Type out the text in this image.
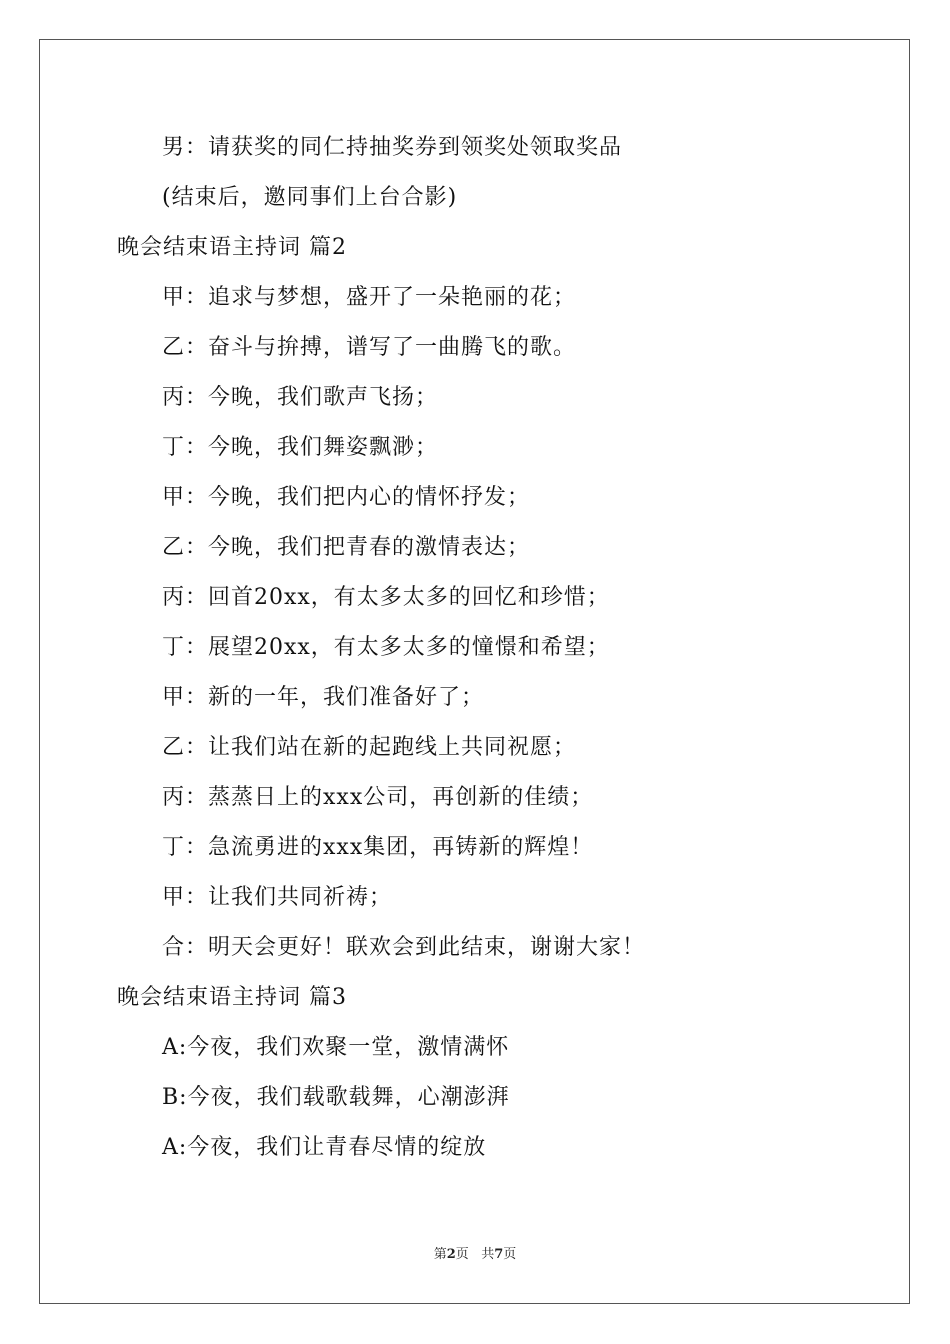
男：请获奖的同仁持抽奖券到领奖处领取奖品
(结束后，邀同事们上台合影)
晚会结束语主持词 篇2
甲：追求与梦想，盛开了一朵艳丽的花；
乙：奋斗与拚搏，谱写了一曲腾飞的歌。
丙：今晚，我们歌声飞扬；
丁：今晚，我们舞姿飘渺；
甲：今晚，我们把内心的情怀抒发；
乙：今晚，我们把青春的激情表达；
丙：回首20xx，有太多太多的回忆和珍惜；
丁：展望20xx，有太多太多的憧憬和希望；
甲：新的一年，我们准备好了；
乙：让我们站在新的起跑线上共同祝愿；
丙：蒸蒸日上的xxx公司，再创新的佳绩；
丁：急流勇进的xxx集团，再铸新的辉煌！
甲：让我们共同祈祷；
合：明天会更好！联欢会到此结束，谢谢大家！
晚会结束语主持词 篇3
A:今夜，我们欢聚一堂，激情满怀
B:今夜，我们载歌载舞，心潮澎湃
A:今夜，我们让青春尽情的绽放
第2页 共7页
